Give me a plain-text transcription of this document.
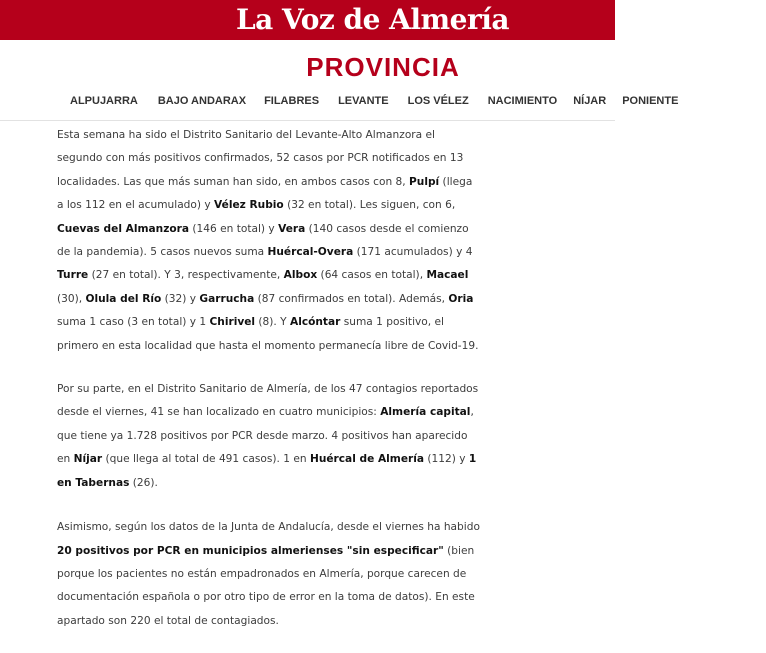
La Voz de Almería
PROVINCIA
ALPUJARRA BAJO ANDARAX FILABRES LEVANTE LOS VÉLEZ NACIMIENTO NÍJAR PONIENTE

Esta semana ha sido el Distrito Sanitario del Levante-Alto Almanzora el segundo con más positivos confirmados, 52 casos por PCR notificados en 13 localidades. Las que más suman han sido, en ambos casos con 8, Pulpí (llega a los 112 en el acumulado) y Vélez Rubio (32 en total). Les siguen, con 6, Cuevas del Almanzora (146 en total) y Vera (140 casos desde el comienzo de la pandemia). 5 casos nuevos suma Huércal-Overa (171 acumulados) y 4 Turre (27 en total). Y 3, respectivamente, Albox (64 casos en total), Macael (30), Olula del Río (32) y Garrucha (87 confirmados en total). Además, Oria suma 1 caso (3 en total) y 1 Chirivel (8). Y Alcóntar suma 1 positivo, el primero en esta localidad que hasta el momento permanecía libre de Covid-19.

Por su parte, en el Distrito Sanitario de Almería, de los 47 contagios reportados desde el viernes, 41 se han localizado en cuatro municipios: Almería capital, que tiene ya 1.728 positivos por PCR desde marzo. 4 positivos han aparecido en Níjar (que llega al total de 491 casos). 1 en Huércal de Almería (112) y 1 en Tabernas (26).

Asimismo, según los datos de la Junta de Andalucía, desde el viernes ha habido 20 positivos por PCR en municipios almerienses "sin especificar" (bien porque los pacientes no están empadronados en Almería, porque carecen de documentación española o por otro tipo de error en la toma de datos). En este apartado son 220 el total de contagiados.
